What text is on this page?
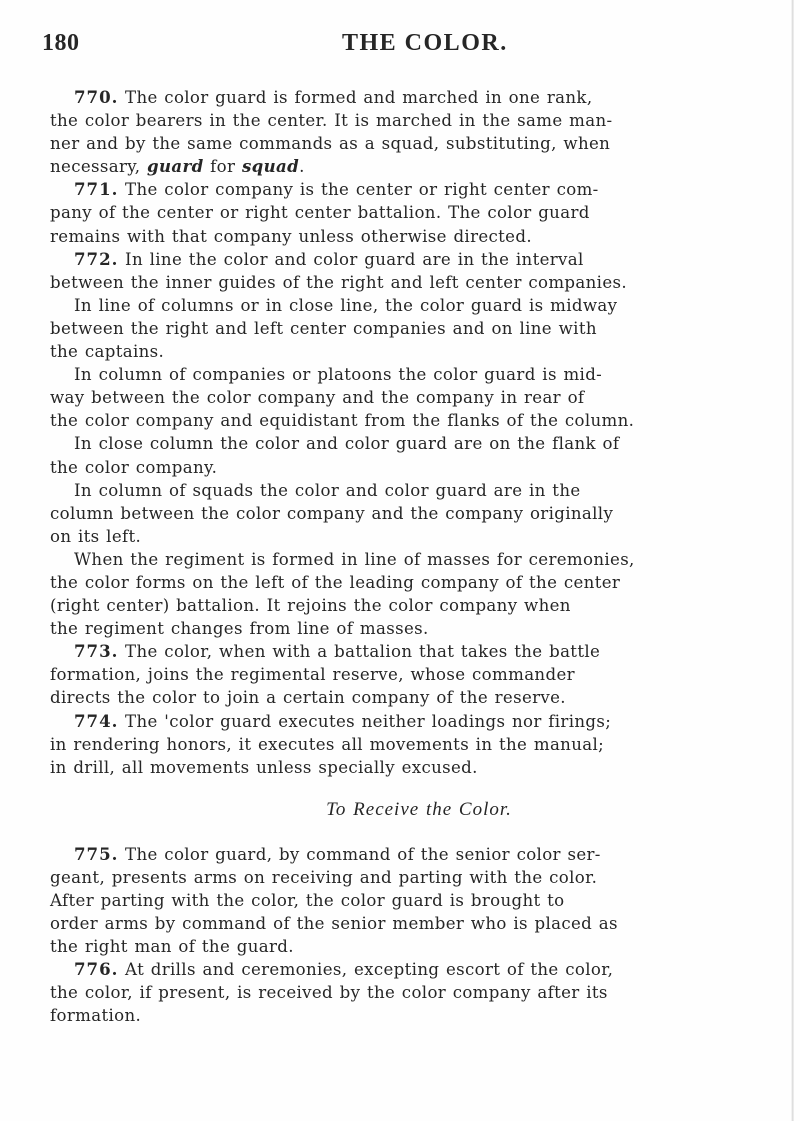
180	THE COLOR.
770. The color guard is formed and marched in one rank,
the color bearers in the center. It is marched in the same man-
ner and by the same commands as a squad, substituting, when
necessary, guard for squad.
771. The color company is the center or right center com-
pany of the center or right center battalion. The color guard
remains with that company unless otherwise directed.
772. In line the color and color guard are in the interval
between the inner guides of the right and left center companies.
In line of columns or in close line, the color guard is midway
between the right and left center companies and on line with
the captains.
In column of companies or platoons the color guard is mid-
way between the color company and the company in rear of
the color company and equidistant from the flanks of the column.
In close column the color and color guard are on the flank of
the color company.
In column of squads the color and color guard are in the
column between the color company and the company originally
on its left.
When the regiment is formed in line of masses for ceremonies,
the color forms on the left of the leading company of the center
(right center) battalion. It rejoins the color company when
the regiment changes from line of masses.
773. The color, when with a battalion that takes the battle
formation, joins the regimental reserve, whose commander
directs the color to join a certain company of the reserve.
774. The 'color guard executes neither loadings nor firings;
in rendering honors, it executes all movements in the manual;
in drill, all movements unless specially excused.
To Receive the Color.
775. The color guard, by command of the senior color ser-
geant, presents arms on receiving and parting with the color.
After parting with the color, the color guard is brought to
order arms by command of the senior member who is placed as
the right man of the guard.
776. At drills and ceremonies, excepting escort of the color,
the color, if present, is received by the color company after its
formation.
